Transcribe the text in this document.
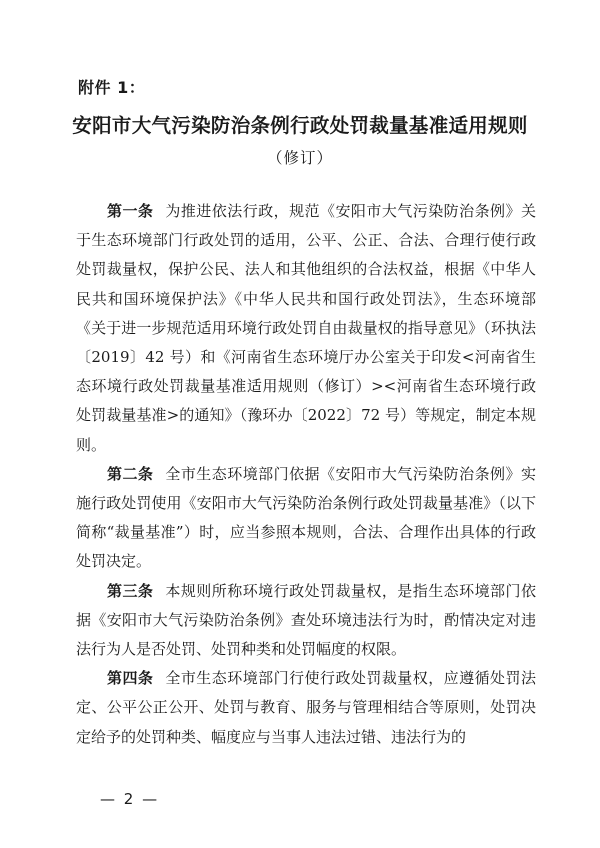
附件 1：
安阳市大气污染防治条例行政处罚裁量基准适用规则
（修订）

第一条 为推进依法行政，规范《安阳市大气污染防治条例》关于生态环境部门行政处罚的适用，公平、公正、合法、合理行使行政处罚裁量权，保护公民、法人和其他组织的合法权益，根据《中华人民共和国环境保护法》《中华人民共和国行政处罚法》，生态环境部《关于进一步规范适用环境行政处罚自由裁量权的指导意见》（环执法〔2019〕42 号）和《河南省生态环境厅办公室关于印发<河南省生态环境行政处罚裁量基准适用规则（修订）><河南省生态环境行政处罚裁量基准>的通知》（豫环办〔2022〕72 号）等规定，制定本规则。

第二条 全市生态环境部门依据《安阳市大气污染防治条例》实施行政处罚使用《安阳市大气污染防治条例行政处罚裁量基准》（以下简称“裁量基准”）时，应当参照本规则，合法、合理作出具体的行政处罚决定。

第三条 本规则所称环境行政处罚裁量权，是指生态环境部门依据《安阳市大气污染防治条例》查处环境违法行为时，酌情决定对违法行为人是否处罚、处罚种类和处罚幅度的权限。

第四条 全市生态环境部门行使行政处罚裁量权，应遵循处罚法定、公平公正公开、处罚与教育、服务与管理相结合等原则，处罚决定给予的处罚种类、幅度应与当事人违法过错、违法行为的

— 2 —
